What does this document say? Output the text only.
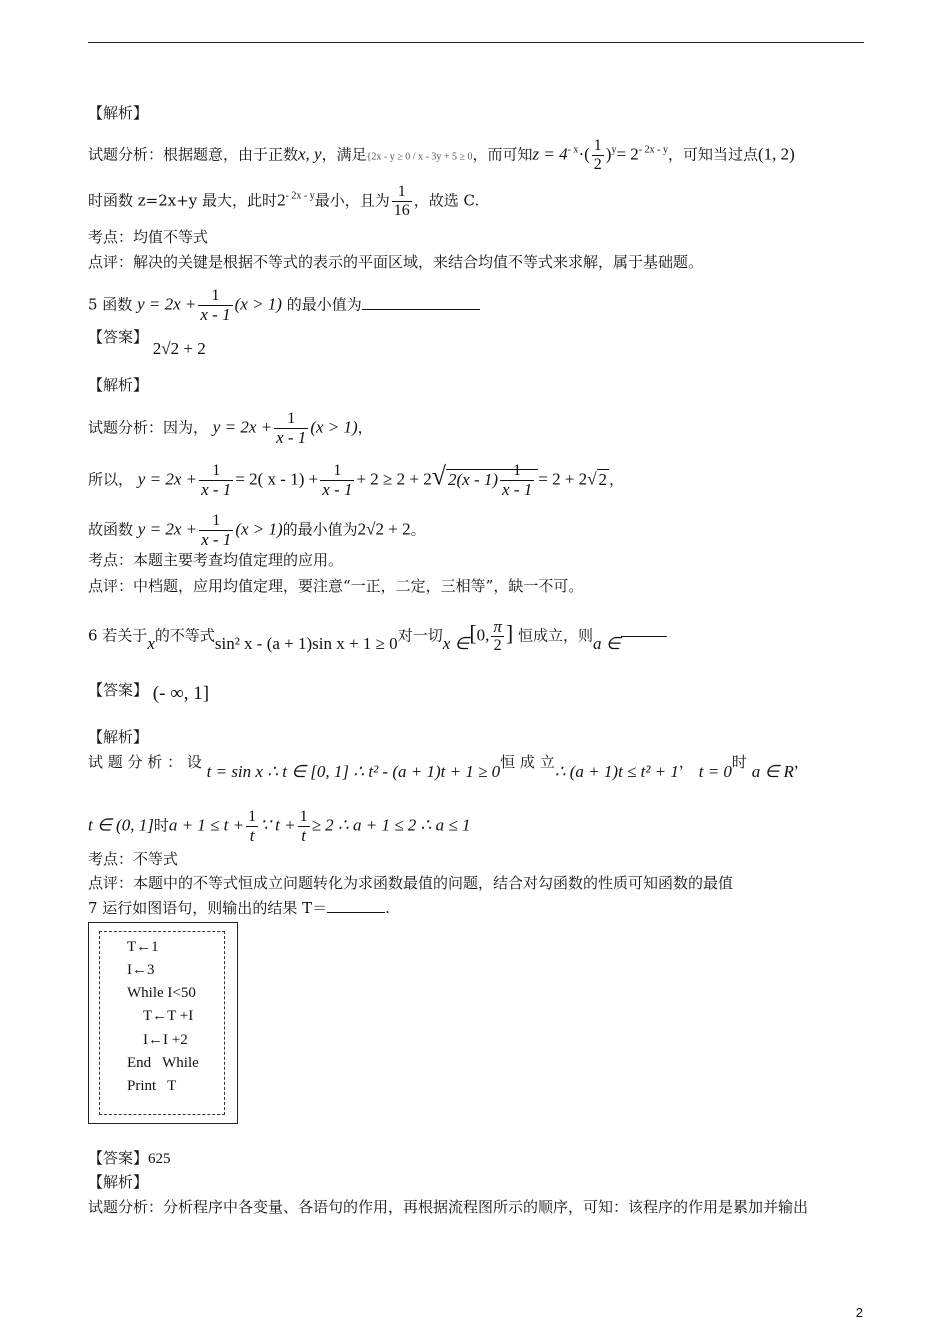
【解析】
试题分析：根据题意，由于正数x, y，满足{2x - y ≥ 0 / x - 3y + 5 ≥ 0，而可知$z = 4^{- x}\cdot( \frac{1}{2} )^y= 2^{- 2x - y}$，可知当过点(1, 2)
时函数 z=2x+y 最大，此时$2^{- 2x - y}$最小，且为 $\frac{1}{16}$ ，故选 C.
考点：均值不等式
点评：解决的关键是根据不等式的表示的平面区域，来结合均值不等式来求解，属于基础题。
5 函数 $y = 2x + \frac{1}{x - 1} (x > 1)$ 的最小值为
【答案】 2√2 + 2
【解析】
试题分析：因为， $y = 2x + \frac{1}{x - 1} (x > 1)$，
所以， $y = 2x + \frac{1}{x - 1} = 2$( $x - 1) + \frac{1}{x - 1} + 2 \ge 2 + 2√$ $2(x - 1) \frac{1}{x - 1} = 2 + 2√$ 2 ，
故函数 $y = 2x + \frac{1}{x - 1} (x > 1)$的最小值为2√2 + 2。
考点：本题主要考查均值定理的应用。
点评：中档题，应用均值定理，要注意“一正，二定，三相等”，缺一不可。
6 若关于x的不等式sin² x - (a + 1)sin x + 1 ≥ 0对一切x ∈[0, $\frac{\pi}{2}$ ] 恒成立，则a ∈
【答案】 (- ∞, 1]
【解析】
试 题 分 析 ： 设 t = sin x ∴ t ∈ [0, 1] ∴ t² - (a + 1)t + 1 ≥ 0恒 成 立∴ (a + 1)t ≤ t² + 1， t = 0时 a ∈ R，
t ∈ (0, 1]时$a + 1 \le t + \frac{1}{t}$ ∵ $t + \frac{1}{t} \ge 2$ ∴ a + 1 ≤ 2 ∴ a ≤ 1
考点：不等式
点评：本题中的不等式恒成立问题转化为求函数最值的问题，结合对勾函数的性质可知函数的最值
7 运行如图语句，则输出的结果 T＝	.
T←1
I←3
While I<50
T←T +I
I←I +2
End   While
Print   T
【答案】625
【解析】
试题分析：分析程序中各变量、各语句的作用，再根据流程图所示的顺序，可知：该程序的作用是累加并输出
2
